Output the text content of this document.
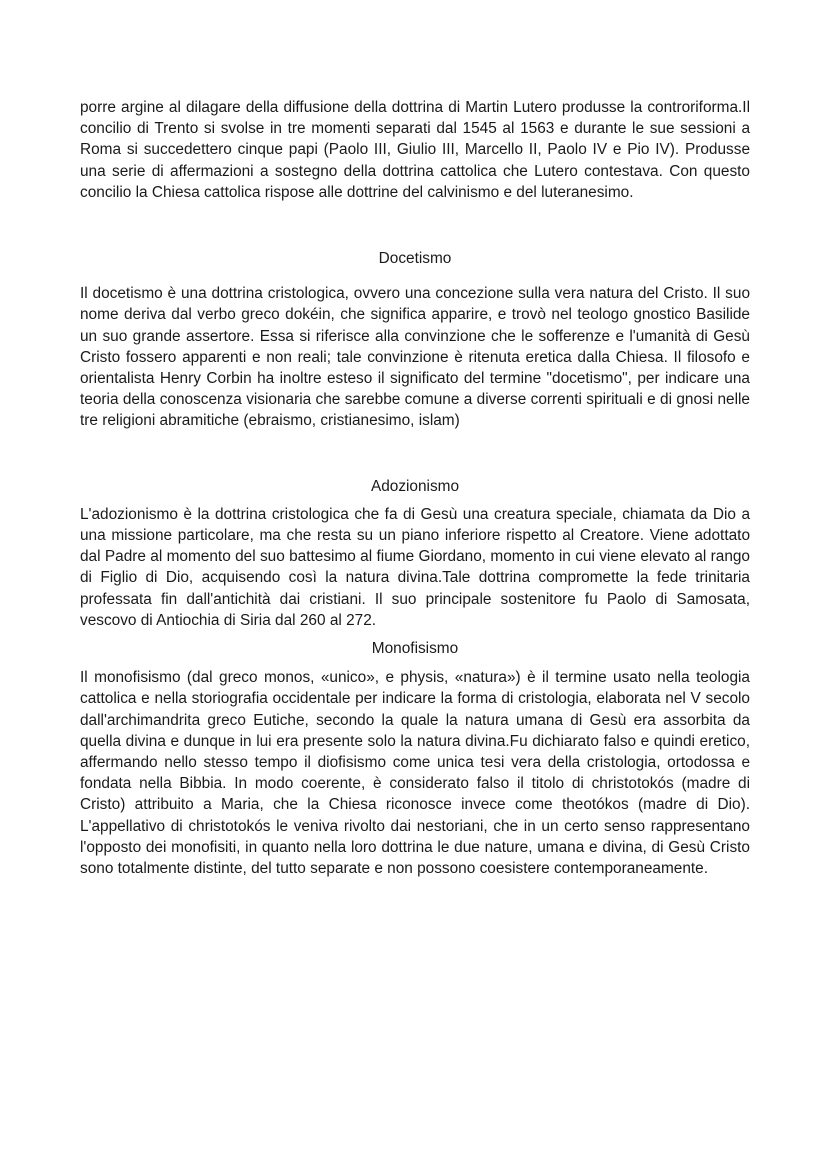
porre argine al dilagare della diffusione della dottrina di Martin Lutero produsse la controriforma.Il concilio di Trento si svolse in tre momenti separati dal 1545 al 1563 e durante le sue sessioni a Roma si succedettero cinque papi (Paolo III, Giulio III, Marcello II, Paolo IV e Pio IV). Produsse una serie di affermazioni a sostegno della dottrina cattolica che Lutero contestava. Con questo concilio la Chiesa cattolica rispose alle dottrine del calvinismo e del luteranesimo.

Docetismo

Il docetismo è una dottrina cristologica, ovvero una concezione sulla vera natura del Cristo. Il suo nome deriva dal verbo greco dokéin, che significa apparire, e trovò nel teologo gnostico Basilide un suo grande assertore. Essa si riferisce alla convinzione che le sofferenze e l'umanità di Gesù Cristo fossero apparenti e non reali; tale convinzione è ritenuta eretica dalla Chiesa. Il filosofo e orientalista Henry Corbin ha inoltre esteso il significato del termine "docetismo", per indicare una teoria della conoscenza visionaria che sarebbe comune a diverse correnti spirituali e di gnosi nelle tre religioni abramitiche (ebraismo, cristianesimo, islam)

Adozionismo

L'adozionismo è la dottrina cristologica che fa di Gesù una creatura speciale, chiamata da Dio a una missione particolare, ma che resta su un piano inferiore rispetto al Creatore. Viene adottato dal Padre al momento del suo battesimo al fiume Giordano, momento in cui viene elevato al rango di Figlio di Dio, acquisendo così la natura divina.Tale dottrina compromette la fede trinitaria professata fin dall'antichità dai cristiani. Il suo principale sostenitore fu Paolo di Samosata, vescovo di Antiochia di Siria dal 260 al 272.

Monofisismo

Il monofisismo (dal greco monos, «unico», e physis, «natura») è il termine usato nella teologia cattolica e nella storiografia occidentale per indicare la forma di cristologia, elaborata nel V secolo dall'archimandrita greco Eutiche, secondo la quale la natura umana di Gesù era assorbita da quella divina e dunque in lui era presente solo la natura divina.Fu dichiarato falso e quindi eretico, affermando nello stesso tempo il diofisismo come unica tesi vera della cristologia, ortodossa e fondata nella Bibbia. In modo coerente, è considerato falso il titolo di christotokós (madre di Cristo) attribuito a Maria, che la Chiesa riconosce invece come theotókos (madre di Dio). L'appellativo di christotokós le veniva rivolto dai nestoriani, che in un certo senso rappresentano l'opposto dei monofisiti, in quanto nella loro dottrina le due nature, umana e divina, di Gesù Cristo sono totalmente distinte, del tutto separate e non possono coesistere contemporaneamente.
